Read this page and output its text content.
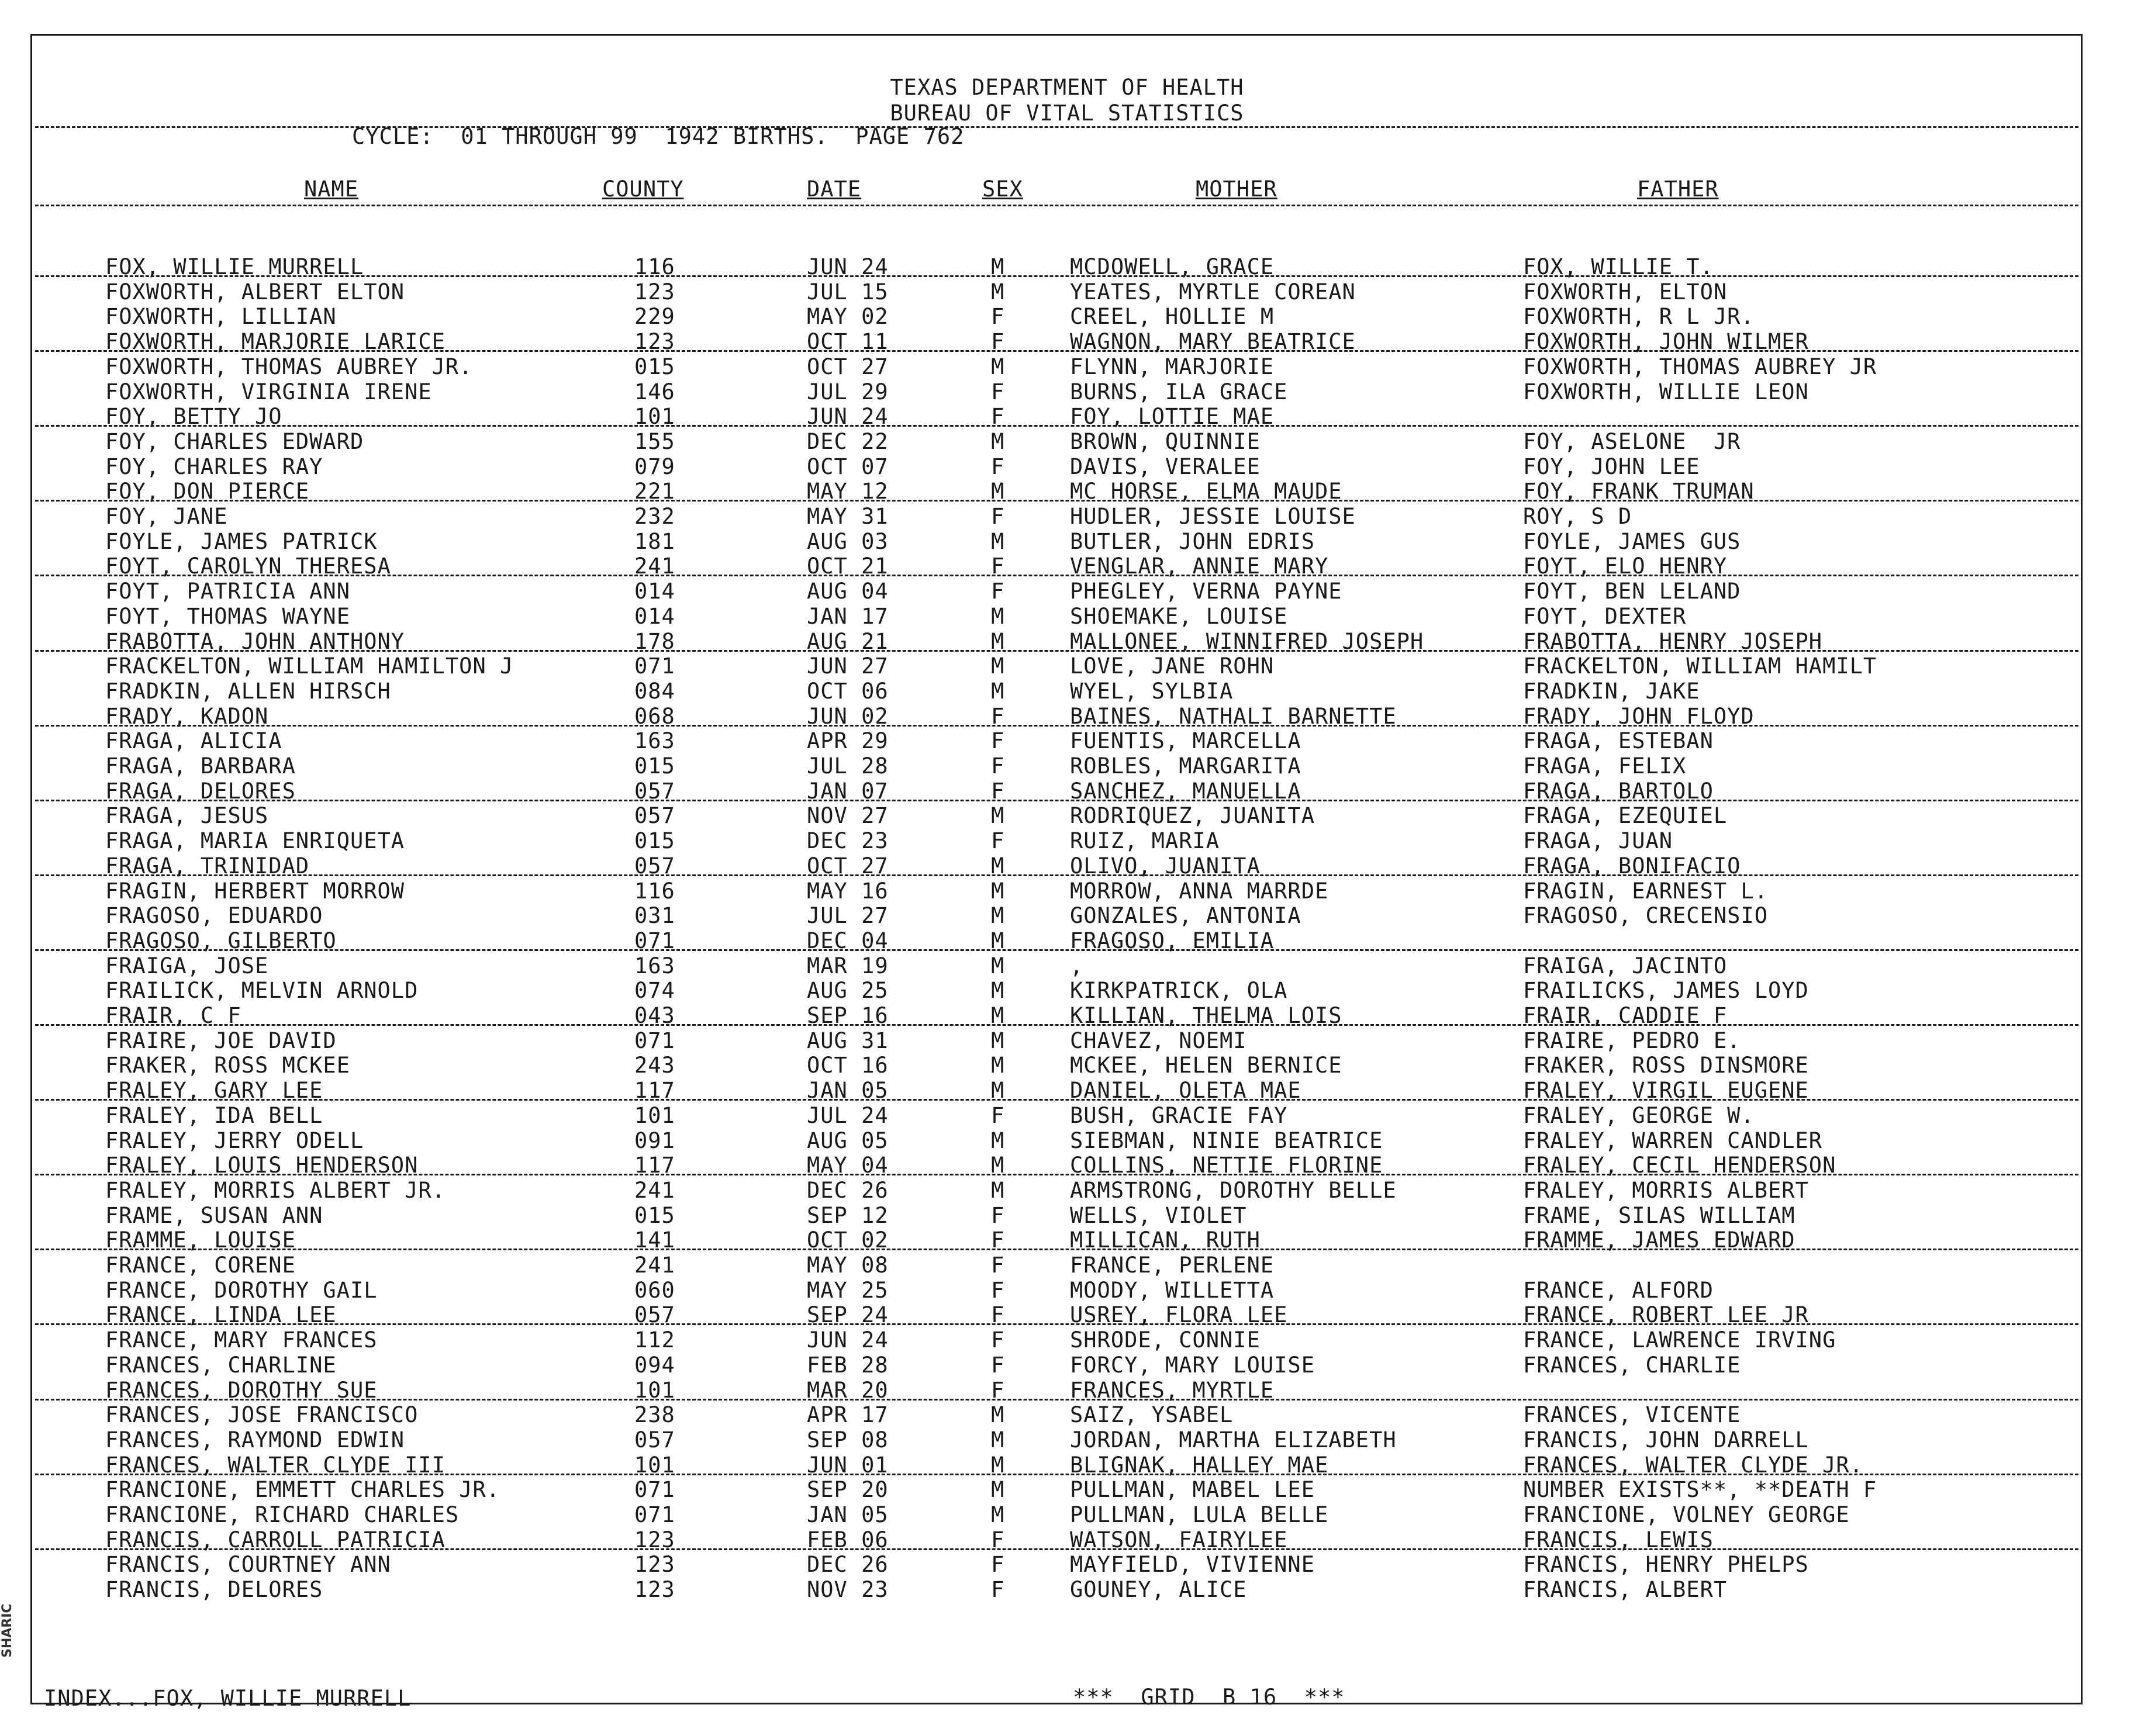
TEXAS DEPARTMENT OF HEALTH
BUREAU OF VITAL STATISTICS
CYCLE:  01 THROUGH 99  1942 BIRTHS.  PAGE 762
NAME	COUNTY	DATE	SEX	MOTHER	FATHER
FOX, WILLIE MURRELL	116	JUN 24	M	MCDOWELL, GRACE	FOX, WILLIE T.
FOXWORTH, ALBERT ELTON	123	JUL 15	M	YEATES, MYRTLE COREAN	FOXWORTH, ELTON
FOXWORTH, LILLIAN	229	MAY 02	F	CREEL, HOLLIE M	FOXWORTH, R L JR.
FOXWORTH, MARJORIE LARICE	123	OCT 11	F	WAGNON, MARY BEATRICE	FOXWORTH, JOHN WILMER
FOXWORTH, THOMAS AUBREY JR.	015	OCT 27	M	FLYNN, MARJORIE	FOXWORTH, THOMAS AUBREY JR
FOXWORTH, VIRGINIA IRENE	146	JUL 29	F	BURNS, ILA GRACE	FOXWORTH, WILLIE LEON
FOY, BETTY JO	101	JUN 24	F	FOY, LOTTIE MAE
FOY, CHARLES EDWARD	155	DEC 22	M	BROWN, QUINNIE	FOY, ASELONE  JR
FOY, CHARLES RAY	079	OCT 07	F	DAVIS, VERALEE	FOY, JOHN LEE
FOY, DON PIERCE	221	MAY 12	M	MC HORSE, ELMA MAUDE	FOY, FRANK TRUMAN
FOY, JANE	232	MAY 31	F	HUDLER, JESSIE LOUISE	ROY, S D
FOYLE, JAMES PATRICK	181	AUG 03	M	BUTLER, JOHN EDRIS	FOYLE, JAMES GUS
FOYT, CAROLYN THERESA	241	OCT 21	F	VENGLAR, ANNIE MARY	FOYT, ELO HENRY
FOYT, PATRICIA ANN	014	AUG 04	F	PHEGLEY, VERNA PAYNE	FOYT, BEN LELAND
FOYT, THOMAS WAYNE	014	JAN 17	M	SHOEMAKE, LOUISE	FOYT, DEXTER
FRABOTTA, JOHN ANTHONY	178	AUG 21	M	MALLONEE, WINNIFRED JOSEPH	FRABOTTA, HENRY JOSEPH
FRACKELTON, WILLIAM HAMILTON J	071	JUN 27	M	LOVE, JANE ROHN	FRACKELTON, WILLIAM HAMILT
FRADKIN, ALLEN HIRSCH	084	OCT 06	M	WYEL, SYLBIA	FRADKIN, JAKE
FRADY, KADON	068	JUN 02	F	BAINES, NATHALI BARNETTE	FRADY, JOHN FLOYD
FRAGA, ALICIA	163	APR 29	F	FUENTIS, MARCELLA	FRAGA, ESTEBAN
FRAGA, BARBARA	015	JUL 28	F	ROBLES, MARGARITA	FRAGA, FELIX
FRAGA, DELORES	057	JAN 07	F	SANCHEZ, MANUELLA	FRAGA, BARTOLO
FRAGA, JESUS	057	NOV 27	M	RODRIQUEZ, JUANITA	FRAGA, EZEQUIEL
FRAGA, MARIA ENRIQUETA	015	DEC 23	F	RUIZ, MARIA	FRAGA, JUAN
FRAGA, TRINIDAD	057	OCT 27	M	OLIVO, JUANITA	FRAGA, BONIFACIO
FRAGIN, HERBERT MORROW	116	MAY 16	M	MORROW, ANNA MARRDE	FRAGIN, EARNEST L.
FRAGOSO, EDUARDO	031	JUL 27	M	GONZALES, ANTONIA	FRAGOSO, CRECENSIO
FRAGOSO, GILBERTO	071	DEC 04	M	FRAGOSO, EMILIA
FRAIGA, JOSE	163	MAR 19	M	,	FRAIGA, JACINTO
FRAILICK, MELVIN ARNOLD	074	AUG 25	M	KIRKPATRICK, OLA	FRAILICKS, JAMES LOYD
FRAIR, C F	043	SEP 16	M	KILLIAN, THELMA LOIS	FRAIR, CADDIE F
FRAIRE, JOE DAVID	071	AUG 31	M	CHAVEZ, NOEMI	FRAIRE, PEDRO E.
FRAKER, ROSS MCKEE	243	OCT 16	M	MCKEE, HELEN BERNICE	FRAKER, ROSS DINSMORE
FRALEY, GARY LEE	117	JAN 05	M	DANIEL, OLETA MAE	FRALEY, VIRGIL EUGENE
FRALEY, IDA BELL	101	JUL 24	F	BUSH, GRACIE FAY	FRALEY, GEORGE W.
FRALEY, JERRY ODELL	091	AUG 05	M	SIEBMAN, NINIE BEATRICE	FRALEY, WARREN CANDLER
FRALEY, LOUIS HENDERSON	117	MAY 04	M	COLLINS, NETTIE FLORINE	FRALEY, CECIL HENDERSON
FRALEY, MORRIS ALBERT JR.	241	DEC 26	M	ARMSTRONG, DOROTHY BELLE	FRALEY, MORRIS ALBERT
FRAME, SUSAN ANN	015	SEP 12	F	WELLS, VIOLET	FRAME, SILAS WILLIAM
FRAMME, LOUISE	141	OCT 02	F	MILLICAN, RUTH	FRAMME, JAMES EDWARD
FRANCE, CORENE	241	MAY 08	F	FRANCE, PERLENE
FRANCE, DOROTHY GAIL	060	MAY 25	F	MOODY, WILLETTA	FRANCE, ALFORD
FRANCE, LINDA LEE	057	SEP 24	F	USREY, FLORA LEE	FRANCE, ROBERT LEE JR
FRANCE, MARY FRANCES	112	JUN 24	F	SHRODE, CONNIE	FRANCE, LAWRENCE IRVING
FRANCES, CHARLINE	094	FEB 28	F	FORCY, MARY LOUISE	FRANCES, CHARLIE
FRANCES, DOROTHY SUE	101	MAR 20	F	FRANCES, MYRTLE
FRANCES, JOSE FRANCISCO	238	APR 17	M	SAIZ, YSABEL	FRANCES, VICENTE
FRANCES, RAYMOND EDWIN	057	SEP 08	M	JORDAN, MARTHA ELIZABETH	FRANCIS, JOHN DARRELL
FRANCES, WALTER CLYDE III	101	JUN 01	M	BLIGNAK, HALLEY MAE	FRANCES, WALTER CLYDE JR.
FRANCIONE, EMMETT CHARLES JR.	071	SEP 20	M	PULLMAN, MABEL LEE	NUMBER EXISTS**, **DEATH F
FRANCIONE, RICHARD CHARLES	071	JAN 05	M	PULLMAN, LULA BELLE	FRANCIONE, VOLNEY GEORGE
FRANCIS, CARROLL PATRICIA	123	FEB 06	F	WATSON, FAIRYLEE	FRANCIS, LEWIS
FRANCIS, COURTNEY ANN	123	DEC 26	F	MAYFIELD, VIVIENNE	FRANCIS, HENRY PHELPS
FRANCIS, DELORES	123	NOV 23	F	GOUNEY, ALICE	FRANCIS, ALBERT
INDEX...FOX, WILLIE MURRELL	***  GRID  B 16  ***
SHARIC
